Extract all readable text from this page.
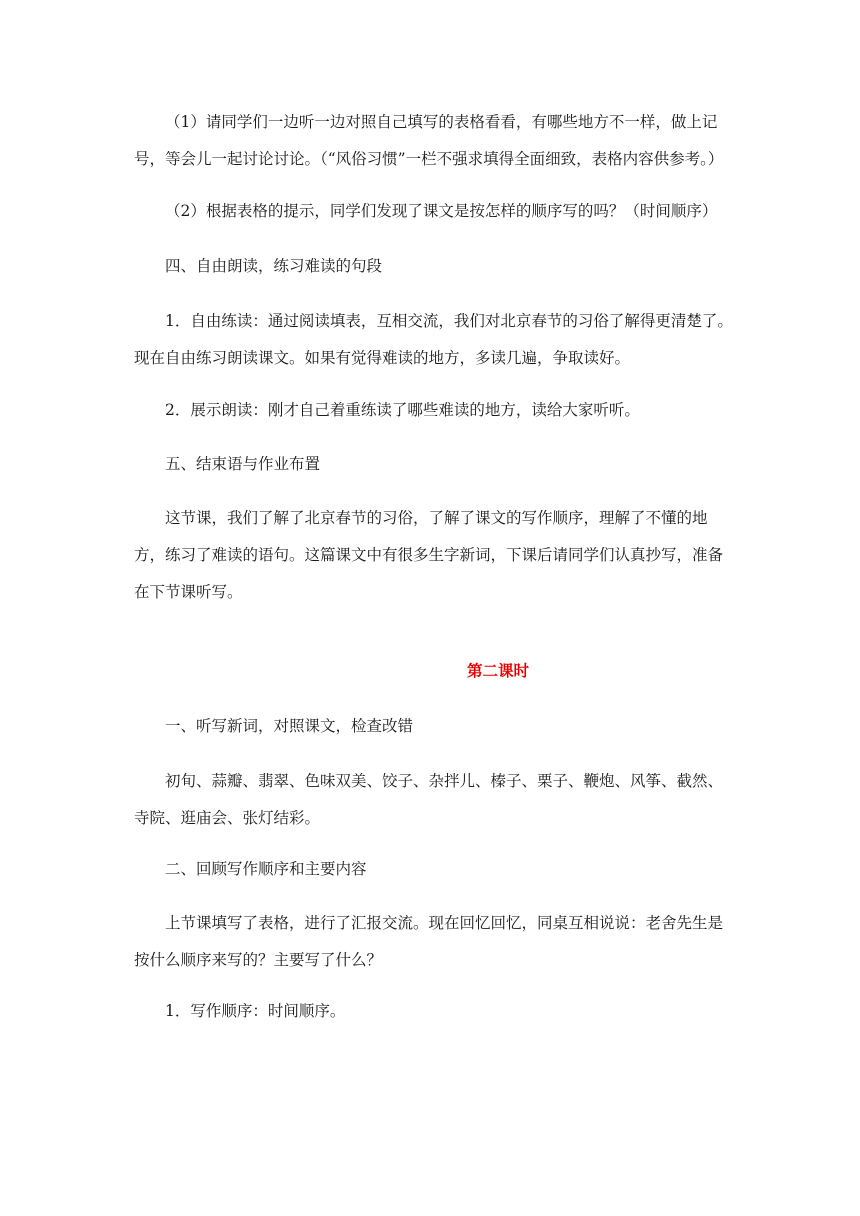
（1）请同学们一边听一边对照自己填写的表格看看，有哪些地方不一样，做上记号，等会儿一起讨论讨论。（“风俗习惯”一栏不强求填得全面细致，表格内容供参考。）

（2）根据表格的提示，同学们发现了课文是按怎样的顺序写的吗？（时间顺序）

四、自由朗读，练习难读的句段

1．自由练读：通过阅读填表，互相交流，我们对北京春节的习俗了解得更清楚了。现在自由练习朗读课文。如果有觉得难读的地方，多读几遍，争取读好。

2．展示朗读：刚才自己着重练读了哪些难读的地方，读给大家听听。

五、结束语与作业布置

这节课，我们了解了北京春节的习俗，了解了课文的写作顺序，理解了不懂的地方，练习了难读的语句。这篇课文中有很多生字新词，下课后请同学们认真抄写，准备在下节课听写。

第二课时

一、听写新词，对照课文，检查改错

初旬、蒜瓣、翡翠、色味双美、饺子、杂拌儿、榛子、栗子、鞭炮、风筝、截然、寺院、逛庙会、张灯结彩。

二、回顾写作顺序和主要内容

上节课填写了表格，进行了汇报交流。现在回忆回忆，同桌互相说说：老舍先生是按什么顺序来写的？主要写了什么？

1．写作顺序：时间顺序。
